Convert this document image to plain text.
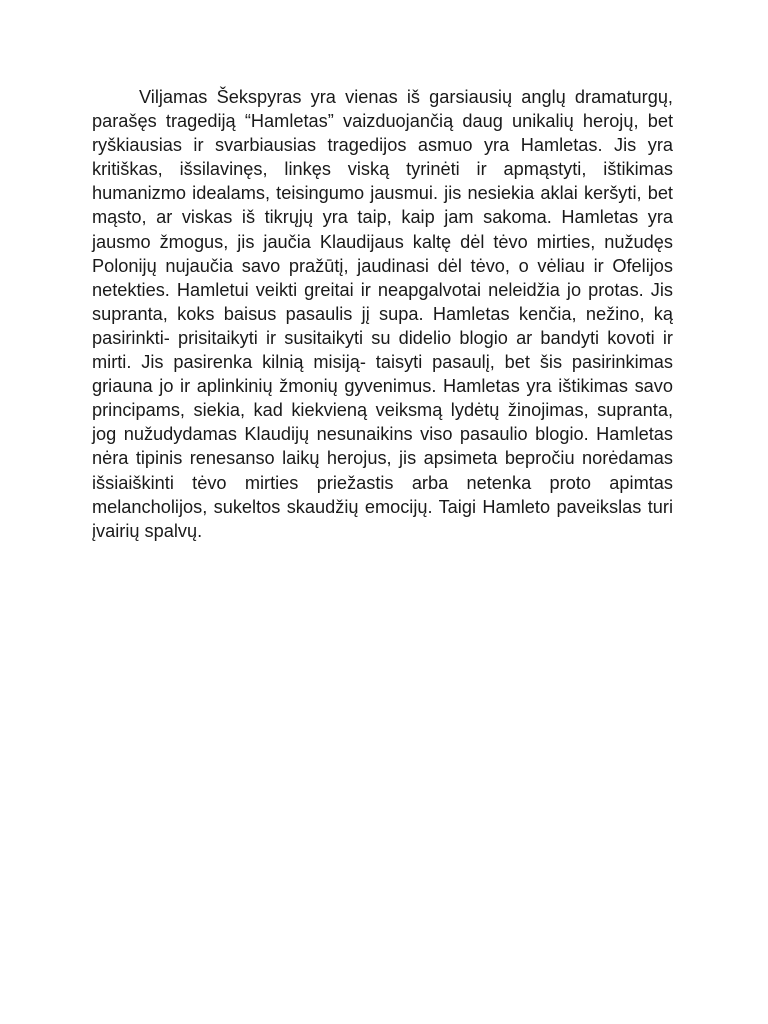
Viljamas Šekspyras yra vienas iš garsiausių anglų dramaturgų, parašęs tragediją “Hamletas” vaizduojančią daug unikalių herojų, bet ryškiausias ir svarbiausias tragedijos asmuo yra Hamletas. Jis yra kritiškas, išsilavinęs, linkęs viską tyrinėti ir apmąstyti, ištikimas humanizmo idealams, teisingumo jausmui. jis nesiekia aklai keršyti, bet mąsto, ar viskas iš tikrųjų yra taip, kaip jam sakoma. Hamletas yra jausmo žmogus, jis jaučia Klaudijaus kaltę dėl tėvo mirties, nužudęs Polonijų nujaučia savo pražūtį, jaudinasi dėl tėvo, o vėliau ir Ofelijos netekties. Hamletui veikti greitai ir neapgalvotai neleidžia jo protas. Jis supranta, koks baisus pasaulis jį supa. Hamletas kenčia, nežino, ką pasirinkti- prisitaikyti ir susitaikyti su didelio blogio ar bandyti kovoti ir mirti. Jis pasirenka kilnią misiją- taisyti pasaulį, bet šis pasirinkimas griauna jo ir aplinkinių žmonių gyvenimus. Hamletas yra ištikimas savo principams, siekia, kad kiekvieną veiksmą lydėtų žinojimas, supranta, jog nužudydamas Klaudijų nesunaikins viso pasaulio blogio. Hamletas nėra tipinis renesanso laikų herojus, jis apsimeta bepročiu norėdamas išsiaiškinti tėvo mirties priežastis arba netenka proto apimtas melancholijos, sukeltos skaudžių emocijų. Taigi Hamleto paveikslas turi įvairių spalvų.
